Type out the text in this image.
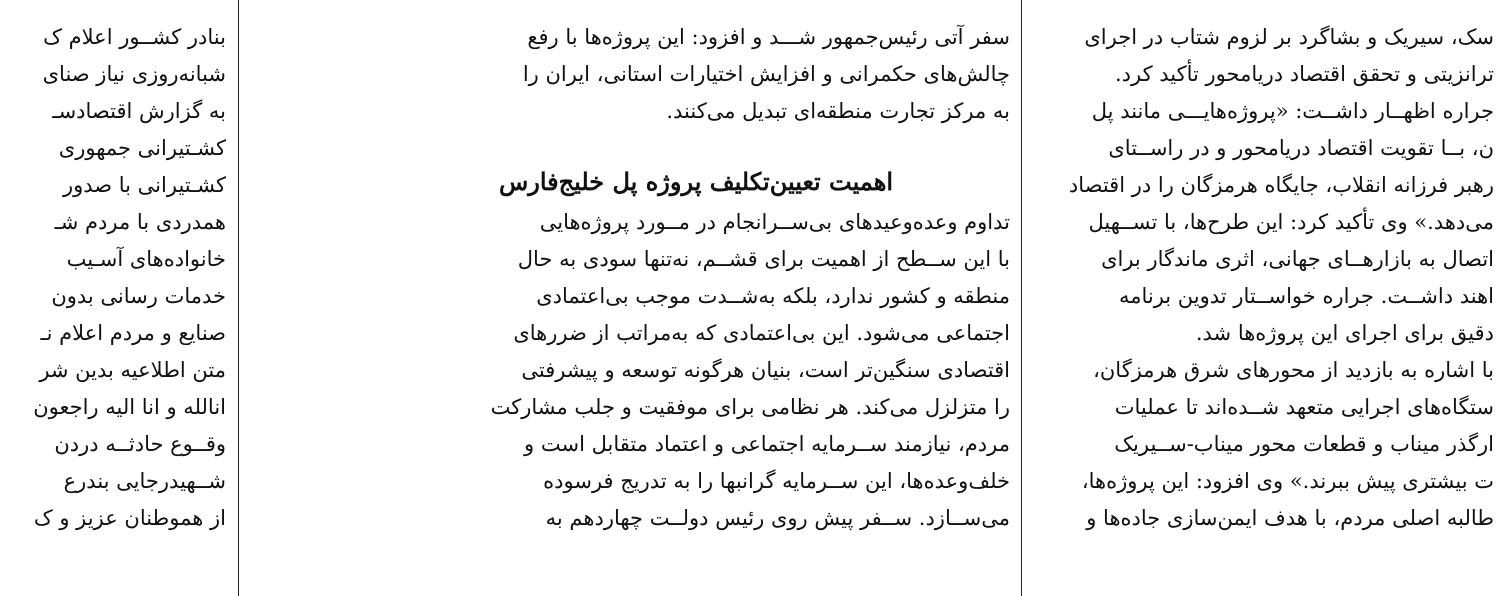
بنادر کشــور اعلام ک
شبانه‌روزی نیاز صنای
به گزارش اقتصادسـ
کشـتیرانی جمهوری
کشـتیرانی با صدور
همدردی با مردم شـ
خانواده‌های آسـیب
خدمات رسانی بدون
صنایع و مردم اعلام نـ
متن اطلاعیه بدین شر
انالله و انا الیه راجعون
وقــوع حادثــه دردن
شــهیدرجایی بندرع
از هموطنان عزیز و ک
سفر آتی رئیس‌جمهور شـــد و افزود: این پروژه‌ها با رفع
چالش‌های حکمرانی و افزایش اختیارات استانی، ایران را
به مرکز تجارت منطقه‌ای تبدیل می‌کنند.
اهمیت تعیین‌تکلیف پروژه پل خلیج‌فارس
تداوم وعده‌وعیدهای بی‌ســرانجام در مــورد پروژه‌هایی
با این ســطح از اهمیت برای قشــم، نه‌تنها سودی به حال
منطقه و کشور ندارد، بلکه به‌شــدت موجب بی‌اعتمادی
اجتماعی می‌شود. این بی‌اعتمادی که به‌مراتب از ضررهای
اقتصادی سنگین‌تر است، بنیان هرگونه توسعه و پیشرفتی
را متزلزل می‌کند. هر نظامی برای موفقیت و جلب مشارکت
مردم، نیازمند ســرمایه اجتماعی و اعتماد متقابل است و
خلف‌وعده‌ها، این ســرمایه گرانبها را به تدریج فرسوده
می‌ســازد. ســفر پیش روی رئیس دولــت چهاردهم به
سک، سیریک و بشاگرد بر لزوم شتاب در اجرای
ترانزیتی و تحقق اقتصاد دریامحور تأکید کرد.
جراره اظهــار داشــت: «پروژه‌هایـــی مانند پل
ن، بــا تقویت اقتصاد دریامحور و در راســتای
رهبر فرزانه انقلاب، جایگاه هرمزگان را در اقتصاد
می‌دهد.» وی تأکید کرد: این طرح‌ها، با تســهیل
اتصال به بازارهــای جهانی، اثری ماندگار برای
اهند داشــت. جراره خواســتار تدوین برنامه
دقیق برای اجرای این پروژه‌ها شد.
با اشاره به بازدید از محورهای شرق هرمزگان،
ستگاه‌های اجرایی متعهد شــده‌اند تا عملیات
ارگذر میناب و قطعات محور میناب-ســیریک
ت بیشتری پیش ببرند.» وی افزود: این پروژه‌ها،
طالبه اصلی مردم، با هدف ایمن‌سازی جاده‌ها و
